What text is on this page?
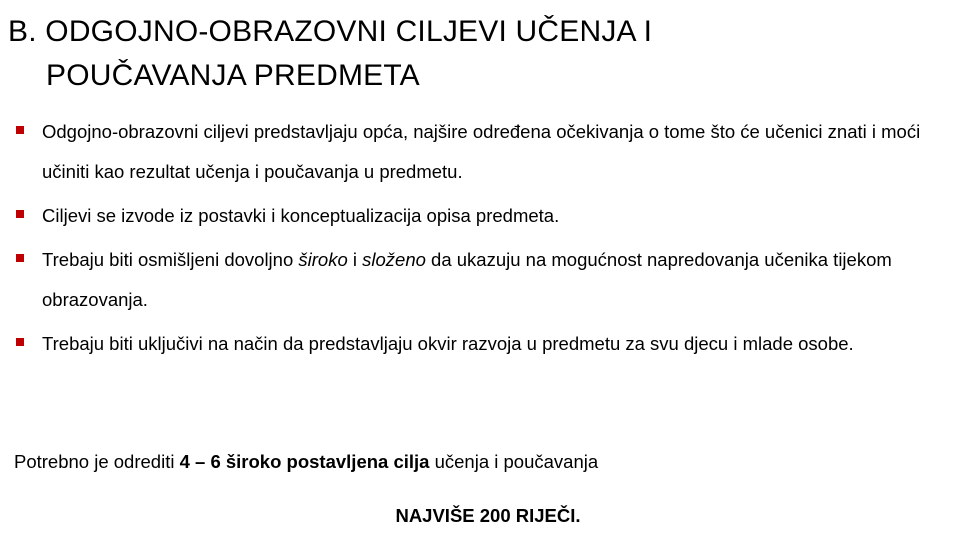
B. ODGOJNO-OBRAZOVNI CILJEVI UČENJA I
POUČAVANJA PREDMETA
Odgojno-obrazovni ciljevi predstavljaju opća, najšire određena očekivanja o tome što će učenici znati i moći učiniti kao rezultat učenja i poučavanja u predmetu.
Ciljevi se izvode iz postavki i konceptualizacija opisa predmeta.
Trebaju biti osmišljeni dovoljno široko i složeno da ukazuju na mogućnost napredovanja učenika tijekom obrazovanja.
Trebaju biti uključivi na način da predstavljaju okvir razvoja u predmetu za svu djecu i mlade osobe.
Potrebno je odrediti 4 – 6 široko postavljena cilja učenja i poučavanja
NAJVIŠE 200 RIJEČI.
